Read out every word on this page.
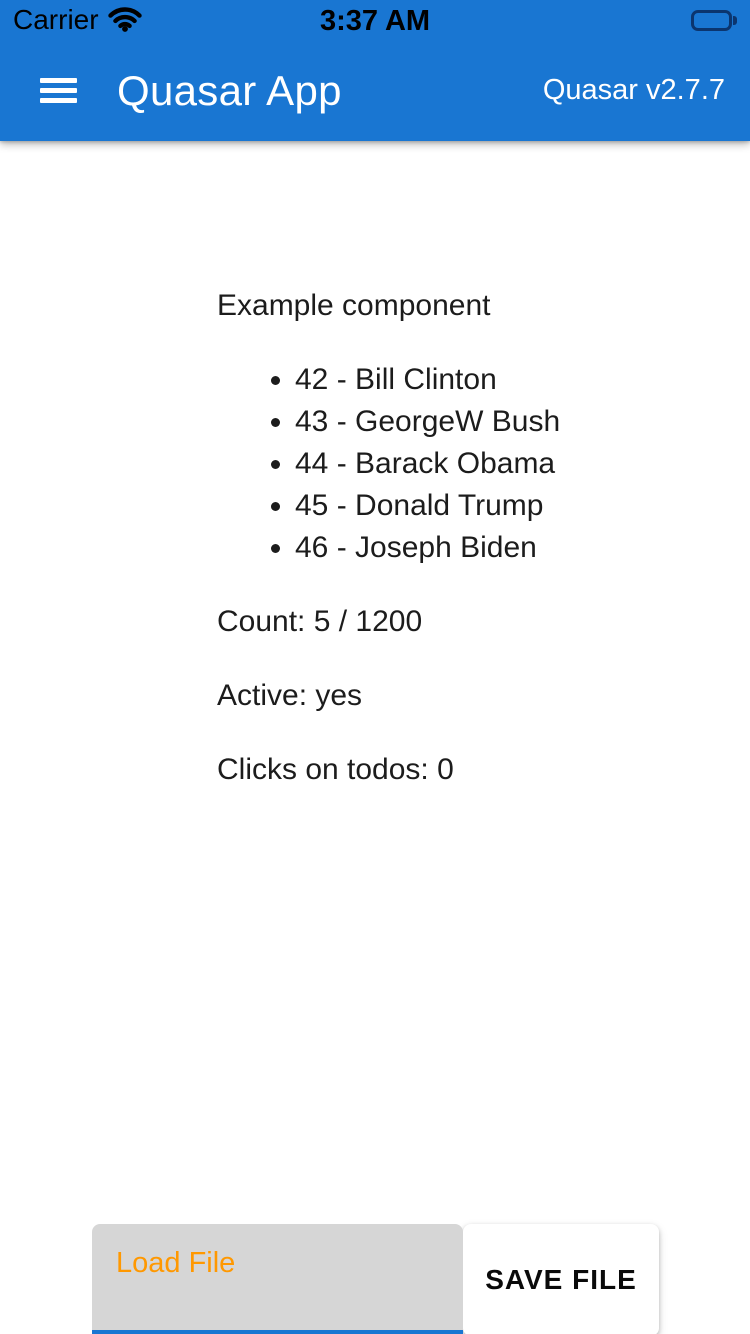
Carrier	3:37 AM
Quasar App	Quasar v2.7.7
Example component
• 42 - Bill Clinton
• 43 - GeorgeW Bush
• 44 - Barack Obama
• 45 - Donald Trump
• 46 - Joseph Biden

Count: 5 / 1200

Active: yes

Clicks on todos: 0

Load File
SAVE FILE
